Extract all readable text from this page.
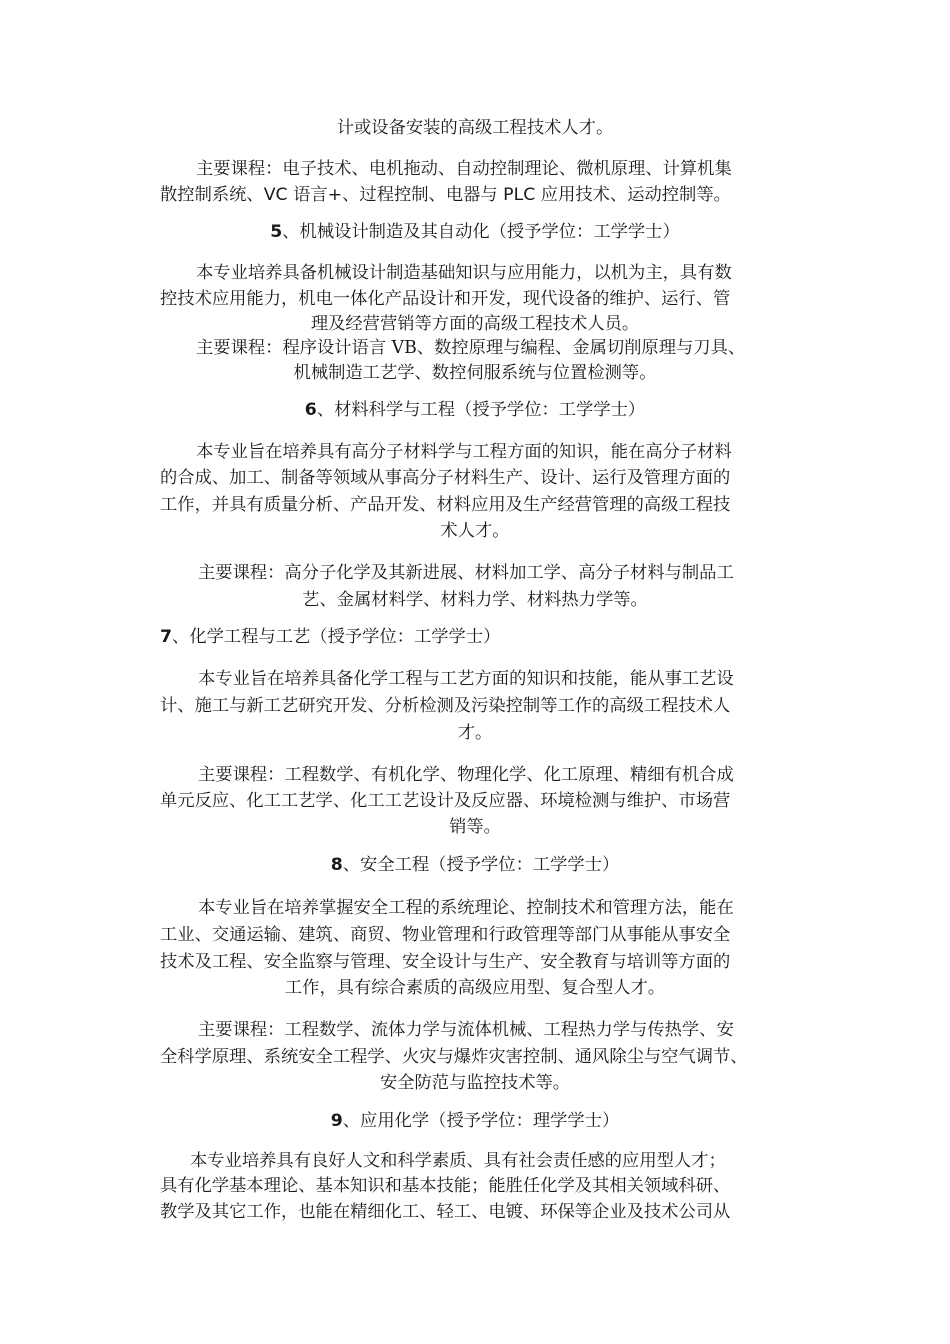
计或设备安装的高级工程技术人才。
主要课程：电子技术、电机拖动、自动控制理论、微机原理、计算机集
散控制系统、VC 语言+、过程控制、电器与 PLC 应用技术、运动控制等。
5、机械设计制造及其自动化（授予学位：工学学士）
本专业培养具备机械设计制造基础知识与应用能力，以机为主，具有数
控技术应用能力，机电一体化产品设计和开发，现代设备的维护、运行、管
理及经营营销等方面的高级工程技术人员。
主要课程：程序设计语言 VB、数控原理与编程、金属切削原理与刀具、
机械制造工艺学、数控伺服系统与位置检测等。
6、材料科学与工程（授予学位：工学学士）
本专业旨在培养具有高分子材料学与工程方面的知识，能在高分子材料
的合成、加工、制备等领域从事高分子材料生产、设计、运行及管理方面的
工作，并具有质量分析、产品开发、材料应用及生产经营管理的高级工程技
术人才。
主要课程：高分子化学及其新进展、材料加工学、高分子材料与制品工
艺、金属材料学、材料力学、材料热力学等。
7、化学工程与工艺（授予学位：工学学士）
本专业旨在培养具备化学工程与工艺方面的知识和技能，能从事工艺设
计、施工与新工艺研究开发、分析检测及污染控制等工作的高级工程技术人
才。
主要课程：工程数学、有机化学、物理化学、化工原理、精细有机合成
单元反应、化工工艺学、化工工艺设计及反应器、环境检测与维护、市场营
销等。
8、安全工程（授予学位：工学学士）
本专业旨在培养掌握安全工程的系统理论、控制技术和管理方法，能在
工业、交通运输、建筑、商贸、物业管理和行政管理等部门从事能从事安全
技术及工程、安全监察与管理、安全设计与生产、安全教育与培训等方面的
工作，具有综合素质的高级应用型、复合型人才。
主要课程：工程数学、流体力学与流体机械、工程热力学与传热学、安
全科学原理、系统安全工程学、火灾与爆炸灾害控制、通风除尘与空气调节、
安全防范与监控技术等。
9、应用化学（授予学位：理学学士）
本专业培养具有良好人文和科学素质、具有社会责任感的应用型人才；
具有化学基本理论、基本知识和基本技能；能胜任化学及其相关领域科研、
教学及其它工作，也能在精细化工、轻工、电镀、环保等企业及技术公司从
